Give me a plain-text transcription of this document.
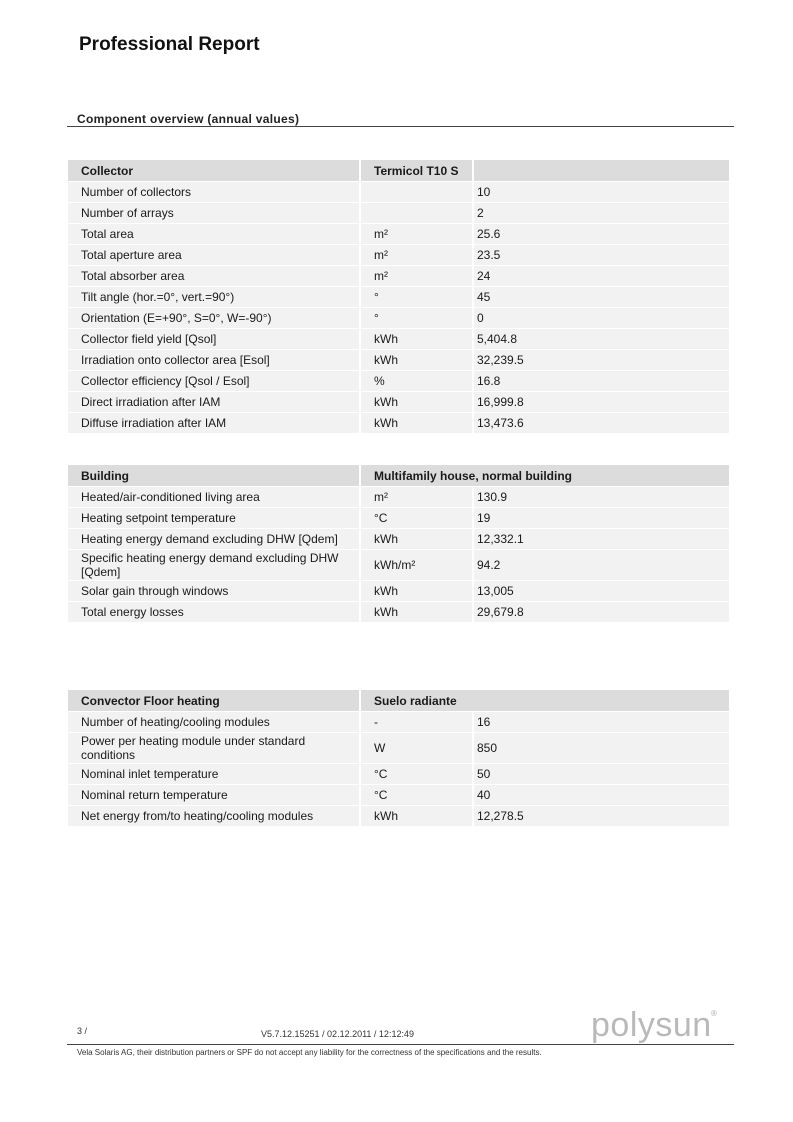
Professional Report
Component overview (annual values)
Collector	Termicol T10 S	
Number of collectors		10
Number of arrays		2
Total area	m²	25.6
Total aperture area	m²	23.5
Total absorber area	m²	24
Tilt angle (hor.=0°, vert.=90°)	°	45
Orientation (E=+90°, S=0°, W=-90°)	°	0
Collector field yield [Qsol]	kWh	5,404.8
Irradiation onto collector area [Esol]	kWh	32,239.5
Collector efficiency [Qsol / Esol]	%	16.8
Direct irradiation after IAM	kWh	16,999.8
Diffuse irradiation after IAM	kWh	13,473.6
Building	Multifamily house, normal building	
Heated/air-conditioned living area	m²	130.9
Heating setpoint temperature	°C	19
Heating energy demand excluding DHW [Qdem]	kWh	12,332.1
Specific heating energy demand excluding DHW [Qdem]	kWh/m²	94.2
Solar gain through windows	kWh	13,005
Total energy losses	kWh	29,679.8
Convector Floor heating	Suelo radiante	
Number of heating/cooling modules	-	16
Power per heating module under standard conditions	W	850
Nominal inlet temperature	°C	50
Nominal return temperature	°C	40
Net energy from/to heating/cooling modules	kWh	12,278.5
3 /	V5.7.12.15251 / 02.12.2011 / 12:12:49	polysun ®
Vela Solaris AG, their distribution partners or SPF do not accept any liability for the correctness of the specifications and the results.
